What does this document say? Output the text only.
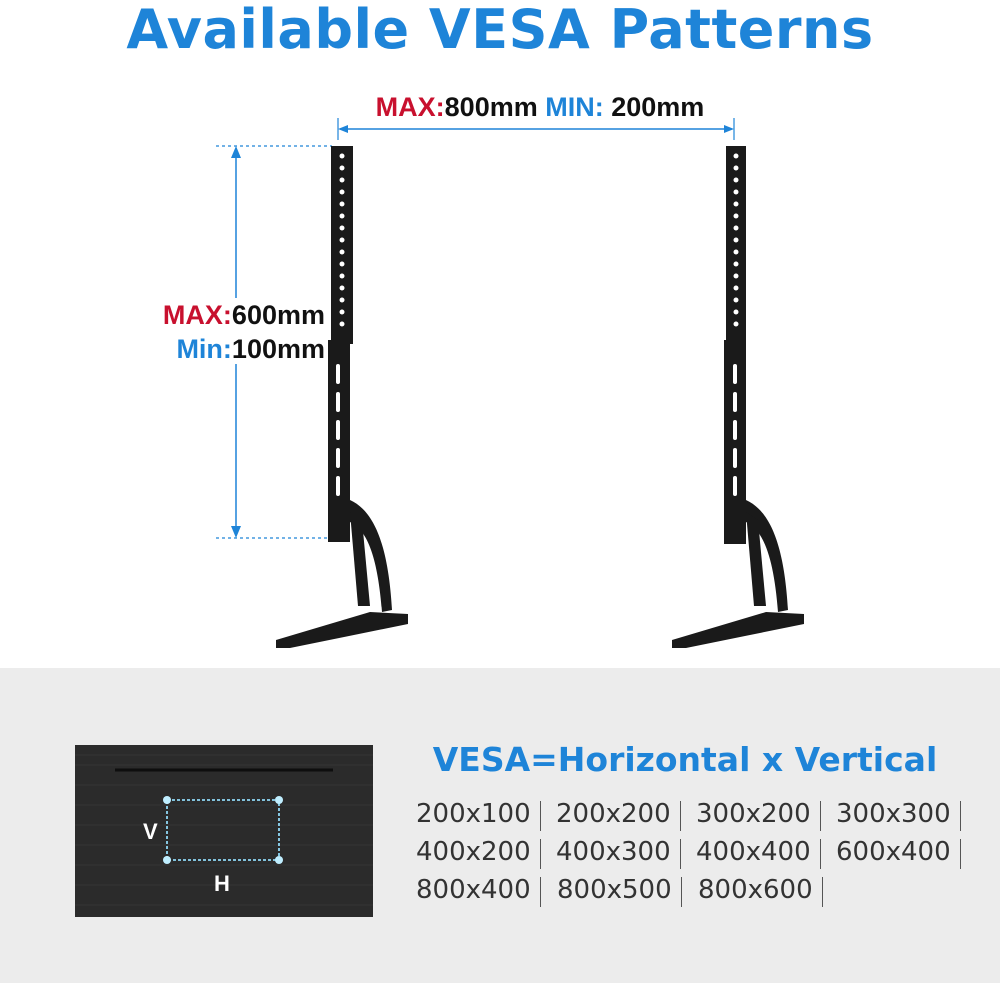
Available VESA Patterns
MAX:800mm MIN: 200mm
MAX:600mm
Min:100mm
V
H
VESA=Horizontal x Vertical
200x100 200x200 300x200 300x300
400x200 400x300 400x400 600x400
800x400	800x500	800x600
